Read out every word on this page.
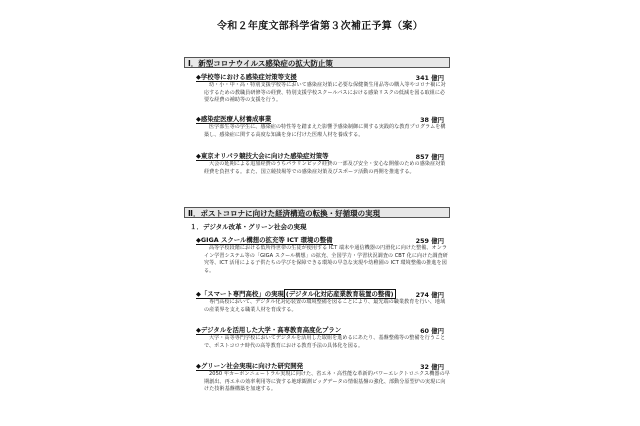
令和２年度文部科学省第３次補正予算（案）
Ⅰ．新型コロナウイルス感染症の拡大防止策
◆学校等における感染症対策等支援	341 億円
幼・小・中・高・特別支援学校等において感染症対策に必要な保健衛生用品等の購入等やコロナ禍に対応するための教職員研修等の経費、特別支援学校スクールバスにおける感染リスクの低減を図る取組に必要な経費の補助等の支援を行う。
◆感染症医療人材養成事業	38 億円
医学部生等の学生に、感染症の特性等を踏まえた影響予感染制御に関する実践的な教育プログラムを構築し、感染症に関する高度な知識を身に付けた医療人材を養成する。
◆東京オリパラ競技大会に向けた感染症対策等	857 億円
大会の延期による追加経費のうちパラリンピック経費の一部及び安全・安心な開催のための感染症対策経費を負担する。また、国立競技場等での感染症対策及びスポーツ活動の再開を推進する。
Ⅱ．ポストコロナに向けた経済構造の転換・好循環の実現
１．デジタル改革・グリーン社会の実現
◆GIGA スクール構想の拡充等 ICT 環境の整備	259 億円
高等学校段階における低所得世帯の生徒が使用する ICT 端末や通信機器の円滑化に向けた整備、オンライン学習システム等の「GIGA スクール構想」の拡充、全国学力・学習状況調査の CBT 化に向けた調査研究等、ICT 活用による子供たちの学びを保障できる環境の早急な実現や幼稚園の ICT 環境整備の推進を図る。
◆「スマート専門高校」の実現 (デジタル化対応産業教育装置の整備)	274 億円
専門高校において、デジタル化対応装置の環境整備を図ることにより、最先端の職業教育を行い、地域の産業界を支える職業人材を育成する。
◆デジタルを活用した大学・高専教育高度化プラン	60 億円
大学・高等専門学校においてデジタルを活用した取組を進めるにあたり、基盤整備等の整備を行うことで、ポストコロナ時代の高等教育における教育手法の具体化を図る。
◆グリーン社会実現に向けた研究開発	32 億円
2050 年カーボンニュートラル実現に向けた、省エネ・高性能な革新的パワーエレクトロニクス機器の早期創出、再エネの効率利用等に資する地球観測ビッグデータの情報基盤の強化、部動分原型炉の実現に向けた技術基盤構築を加速する。
